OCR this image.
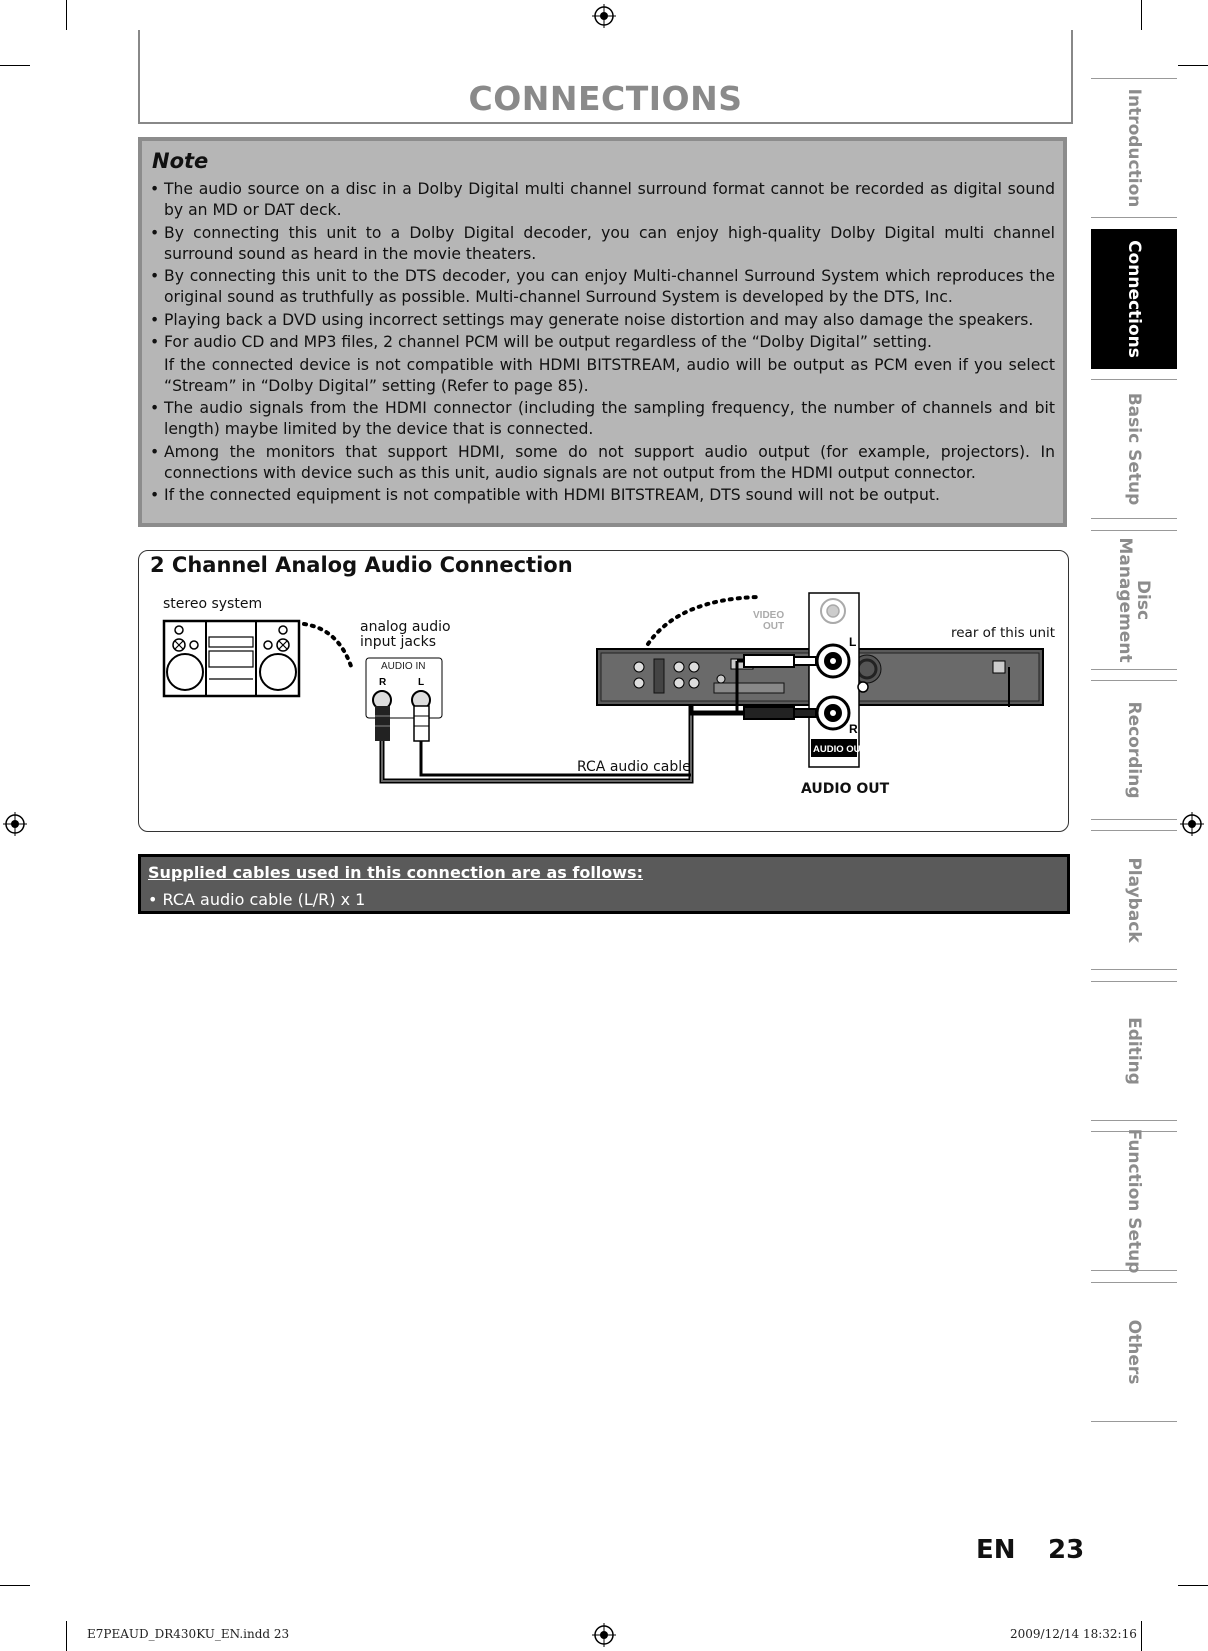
CONNECTIONS
Note
• The audio source on a disc in a Dolby Digital multi channel surround format cannot be recorded as digital sound by an MD or DAT deck.
• By connecting this unit to a Dolby Digital decoder, you can enjoy high-quality Dolby Digital multi channel surround sound as heard in the movie theaters.
• By connecting this unit to the DTS decoder, you can enjoy Multi-channel Surround System which reproduces the original sound as truthfully as possible. Multi-channel Surround System is developed by the DTS, Inc.
• Playing back a DVD using incorrect settings may generate noise distortion and may also damage the speakers.
• For audio CD and MP3 files, 2 channel PCM will be output regardless of the “Dolby Digital” setting.
If the connected device is not compatible with HDMI BITSTREAM, audio will be output as PCM even if you select “Stream” in “Dolby Digital” setting (Refer to page 85).
• The audio signals from the HDMI connector (including the sampling frequency, the number of channels and bit length) maybe limited by the device that is connected.
• Among the monitors that support HDMI, some do not support audio output (for example, projectors). In connections with device such as this unit, audio signals are not output from the HDMI output connector.
• If the connected equipment is not compatible with HDMI BITSTREAM, DTS sound will not be output.
2 Channel Analog Audio Connection
stereo system
analog audio
input jacks
rear of this unit
RCA audio cable
AUDIO OUT
AUDIO IN
R	L
VIDEO
OUT
L
R
AUDIO OUT
Supplied cables used in this connection are as follows:
• RCA audio cable (L/R) x 1
Introduction
Connections
Basic Setup
Disc
Management
Recording
Playback
Editing
Function Setup
Others
EN 23
E7PEAUD_DR430KU_EN.indd 23	2009/12/14 18:32:16
